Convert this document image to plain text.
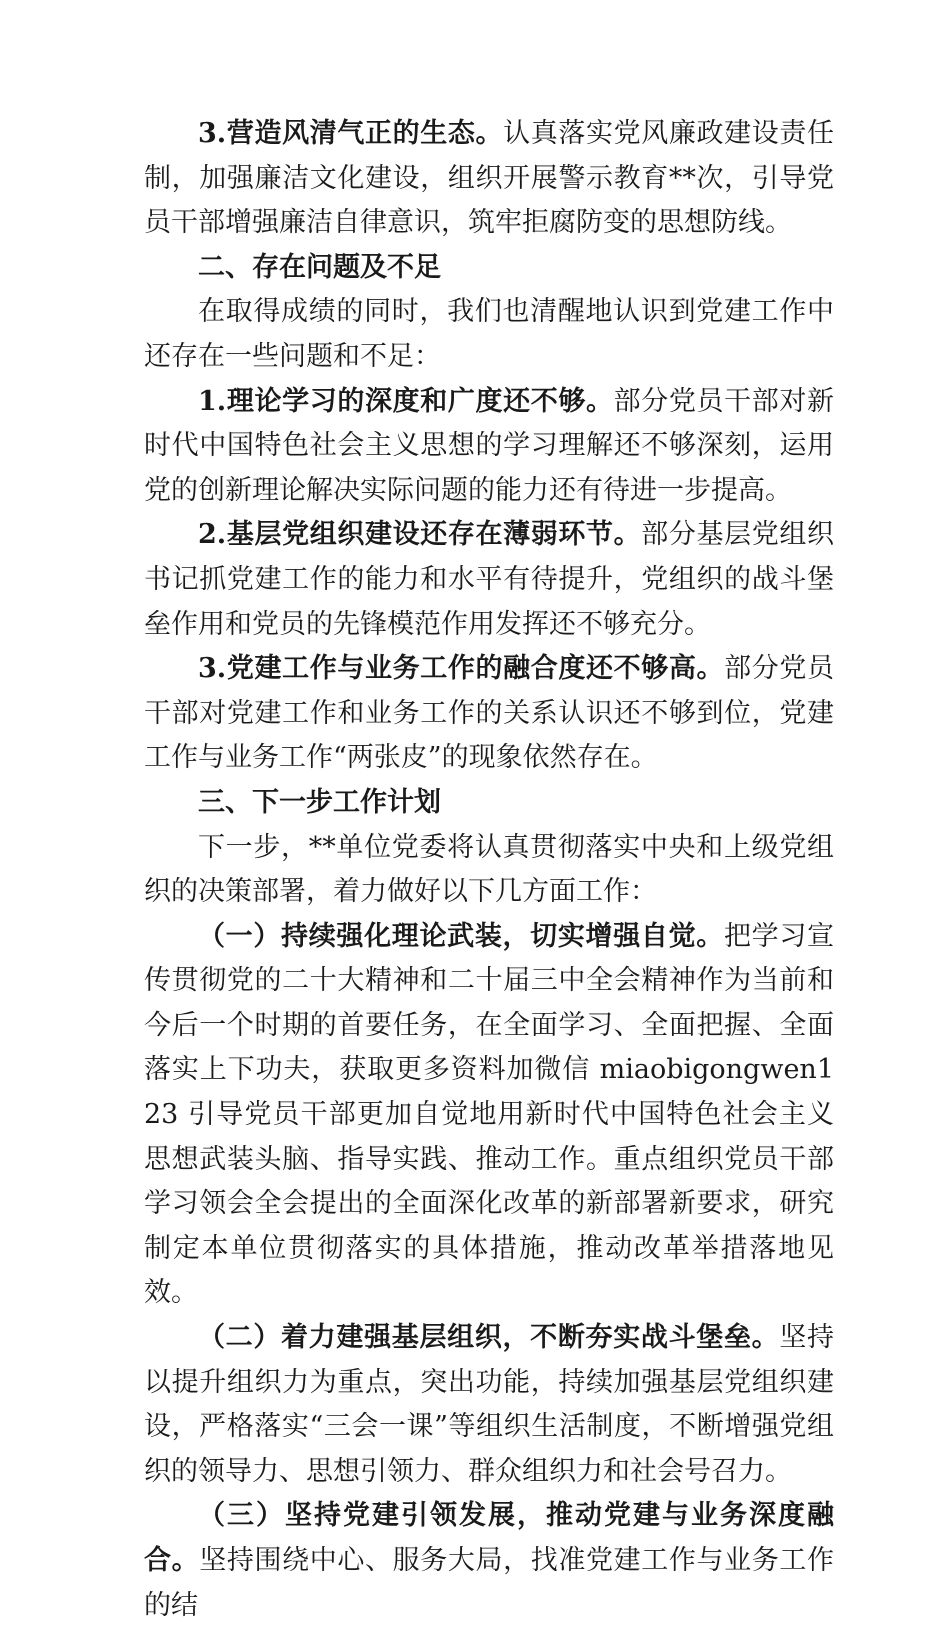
3.营造风清气正的生态。认真落实党风廉政建设责任制，加强廉洁文化建设，组织开展警示教育**次，引导党员干部增强廉洁自律意识，筑牢拒腐防变的思想防线。

二、存在问题及不足

在取得成绩的同时，我们也清醒地认识到党建工作中还存在一些问题和不足：

1.理论学习的深度和广度还不够。部分党员干部对新时代中国特色社会主义思想的学习理解还不够深刻，运用党的创新理论解决实际问题的能力还有待进一步提高。

2.基层党组织建设还存在薄弱环节。部分基层党组织书记抓党建工作的能力和水平有待提升，党组织的战斗堡垒作用和党员的先锋模范作用发挥还不够充分。

3.党建工作与业务工作的融合度还不够高。部分党员干部对党建工作和业务工作的关系认识还不够到位，党建工作与业务工作“两张皮”的现象依然存在。

三、下一步工作计划

下一步，**单位党委将认真贯彻落实中央和上级党组织的决策部署，着力做好以下几方面工作：

（一）持续强化理论武装，切实增强自觉。把学习宣传贯彻党的二十大精神和二十届三中全会精神作为当前和今后一个时期的首要任务，在全面学习、全面把握、全面落实上下功夫，获取更多资料加微信 miaobigongwen123 引导党员干部更加自觉地用新时代中国特色社会主义思想武装头脑、指导实践、推动工作。重点组织党员干部学习领会全会提出的全面深化改革的新部署新要求，研究制定本单位贯彻落实的具体措施，推动改革举措落地见效。

（二）着力建强基层组织，不断夯实战斗堡垒。坚持以提升组织力为重点，突出功能，持续加强基层党组织建设，严格落实“三会一课”等组织生活制度，不断增强党组织的领导力、思想引领力、群众组织力和社会号召力。

（三）坚持党建引领发展，推动党建与业务深度融合。坚持围绕中心、服务大局，找准党建工作与业务工作的结
